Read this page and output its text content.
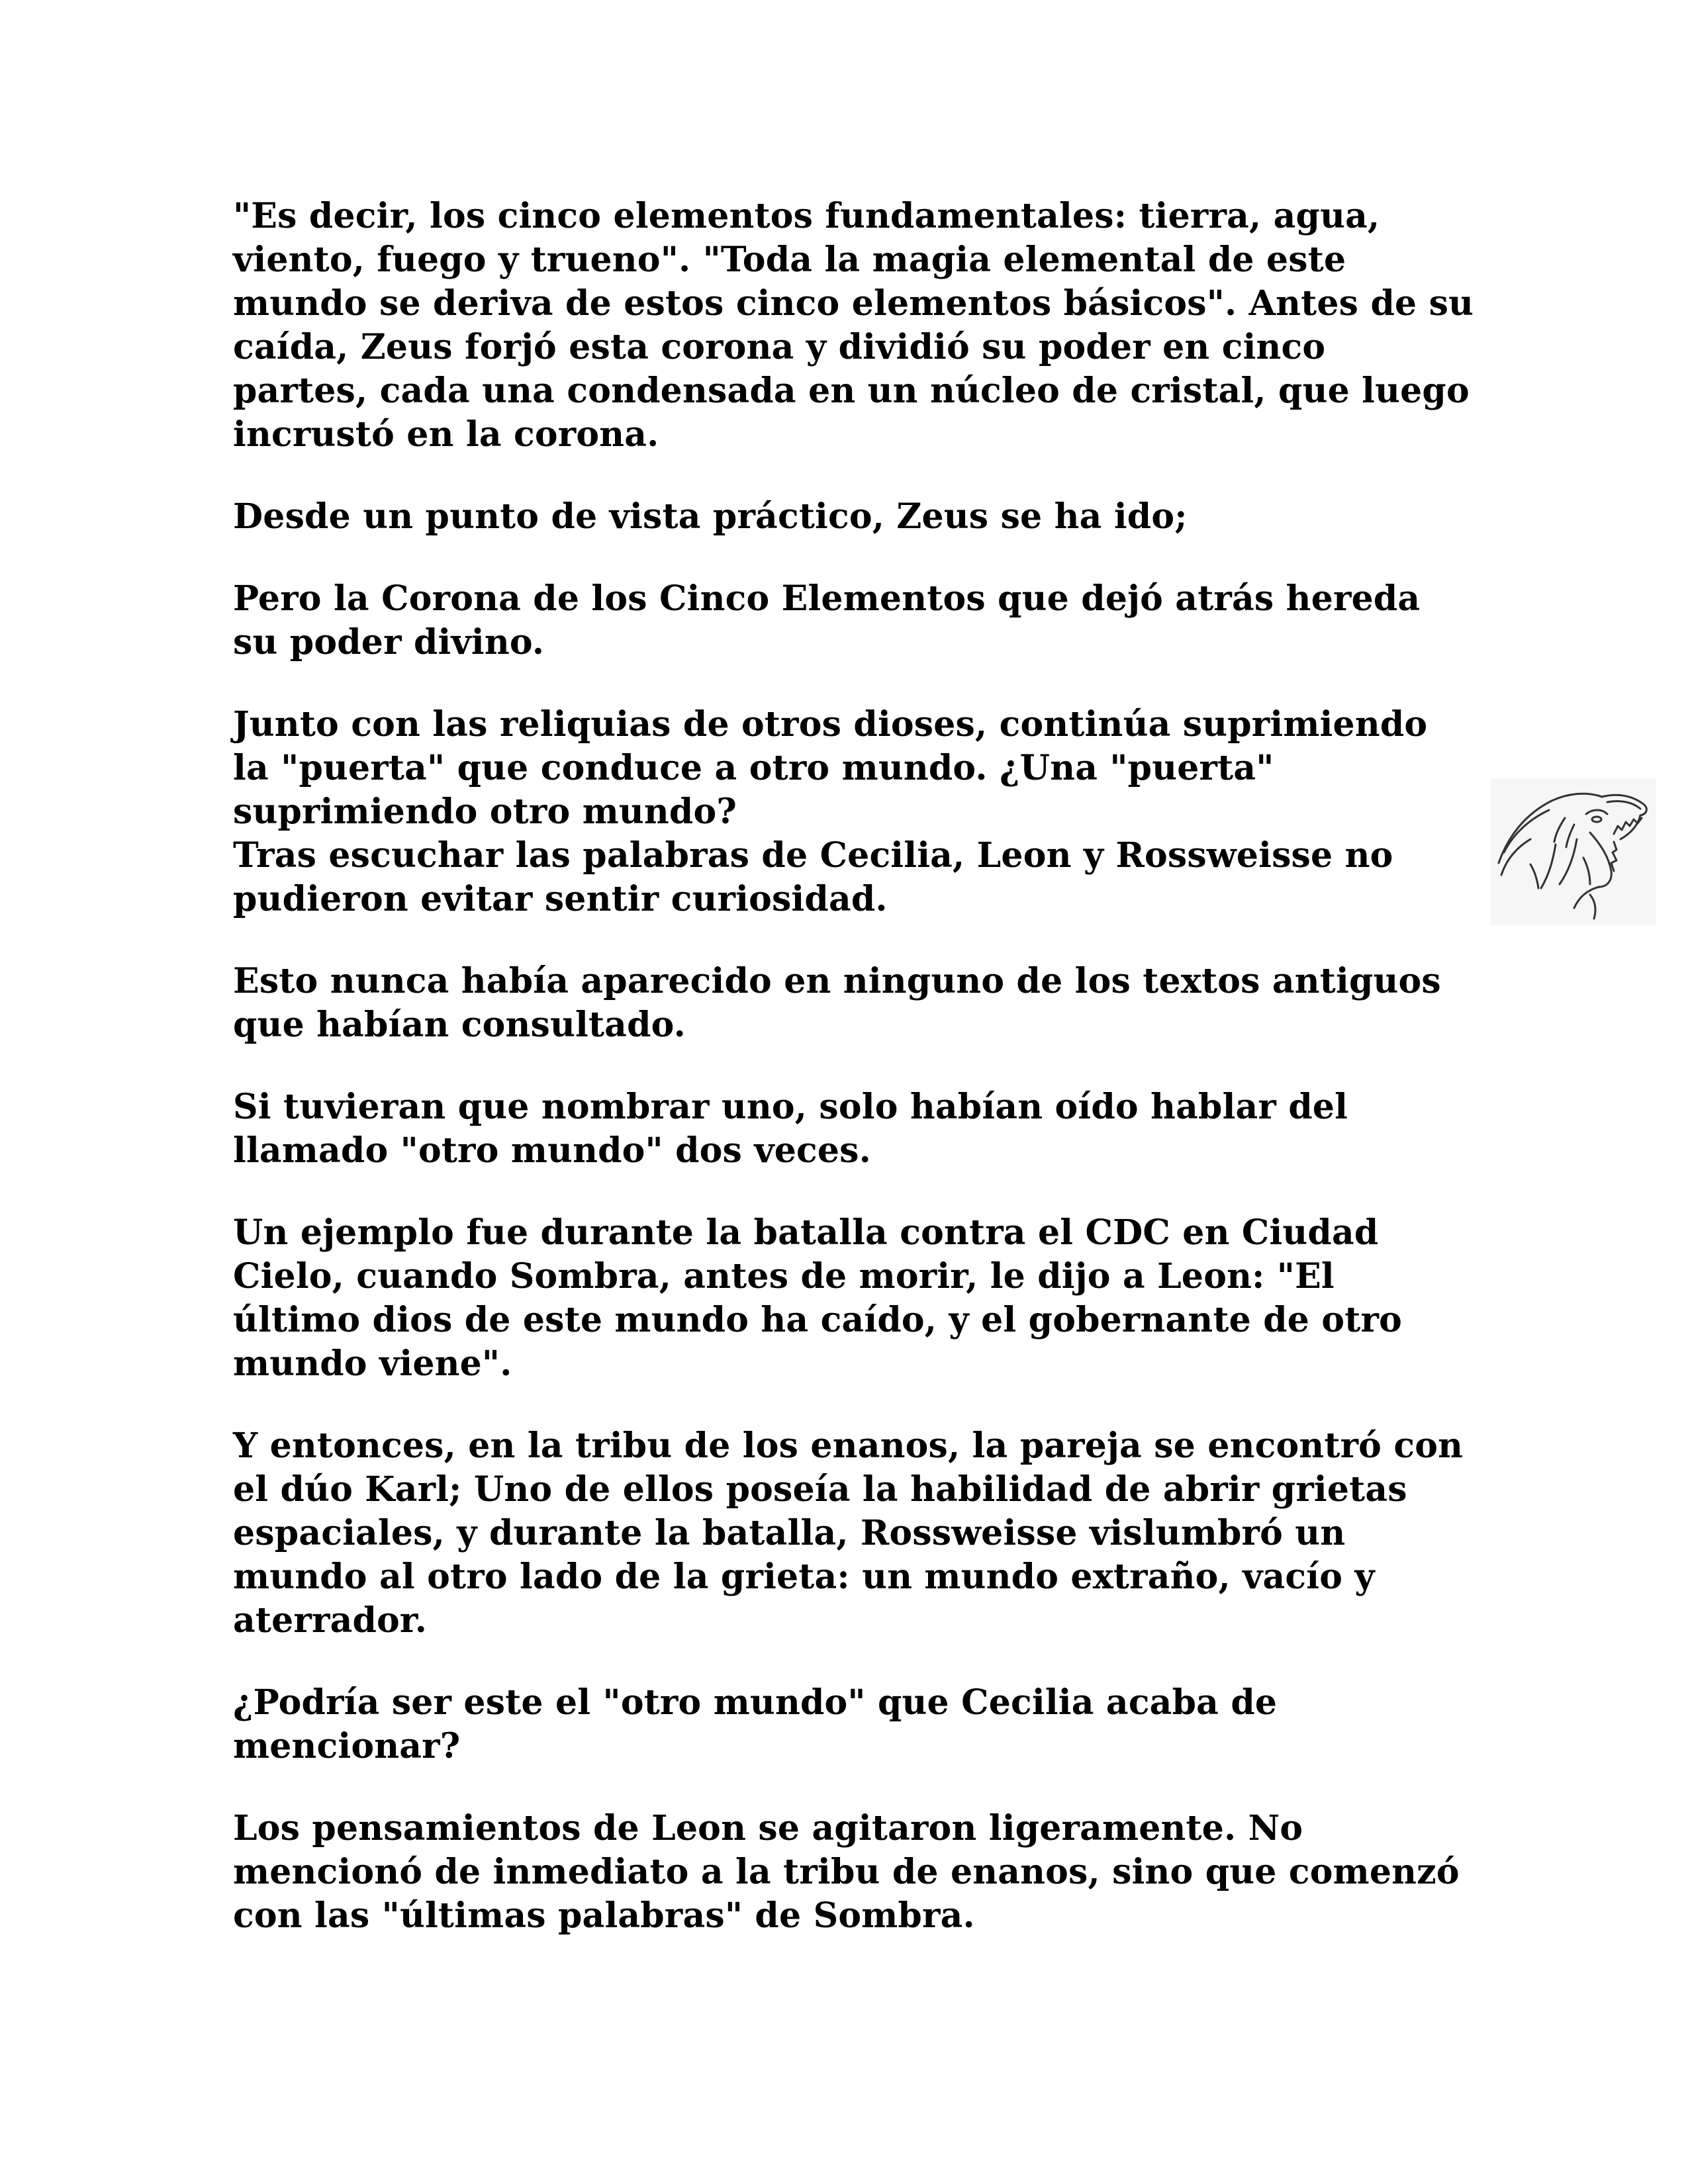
"Es decir, los cinco elementos fundamentales: tierra, agua,
viento, fuego y trueno". "Toda la magia elemental de este
mundo se deriva de estos cinco elementos básicos". Antes de su
caída, Zeus forjó esta corona y dividió su poder en cinco
partes, cada una condensada en un núcleo de cristal, que luego
incrustó en la corona.

Desde un punto de vista práctico, Zeus se ha ido;

Pero la Corona de los Cinco Elementos que dejó atrás hereda
su poder divino.

Junto con las reliquias de otros dioses, continúa suprimiendo
la "puerta" que conduce a otro mundo. ¿Una "puerta"
suprimiendo otro mundo?
Tras escuchar las palabras de Cecilia, Leon y Rossweisse no
pudieron evitar sentir curiosidad.

Esto nunca había aparecido en ninguno de los textos antiguos
que habían consultado.

Si tuvieran que nombrar uno, solo habían oído hablar del
llamado "otro mundo" dos veces.

Un ejemplo fue durante la batalla contra el CDC en Ciudad
Cielo, cuando Sombra, antes de morir, le dijo a Leon: "El
último dios de este mundo ha caído, y el gobernante de otro
mundo viene".

Y entonces, en la tribu de los enanos, la pareja se encontró con
el dúo Karl; Uno de ellos poseía la habilidad de abrir grietas
espaciales, y durante la batalla, Rossweisse vislumbró un
mundo al otro lado de la grieta: un mundo extraño, vacío y
aterrador.

¿Podría ser este el "otro mundo" que Cecilia acaba de
mencionar?

Los pensamientos de Leon se agitaron ligeramente. No
mencionó de inmediato a la tribu de enanos, sino que comenzó
con las "últimas palabras" de Sombra.
